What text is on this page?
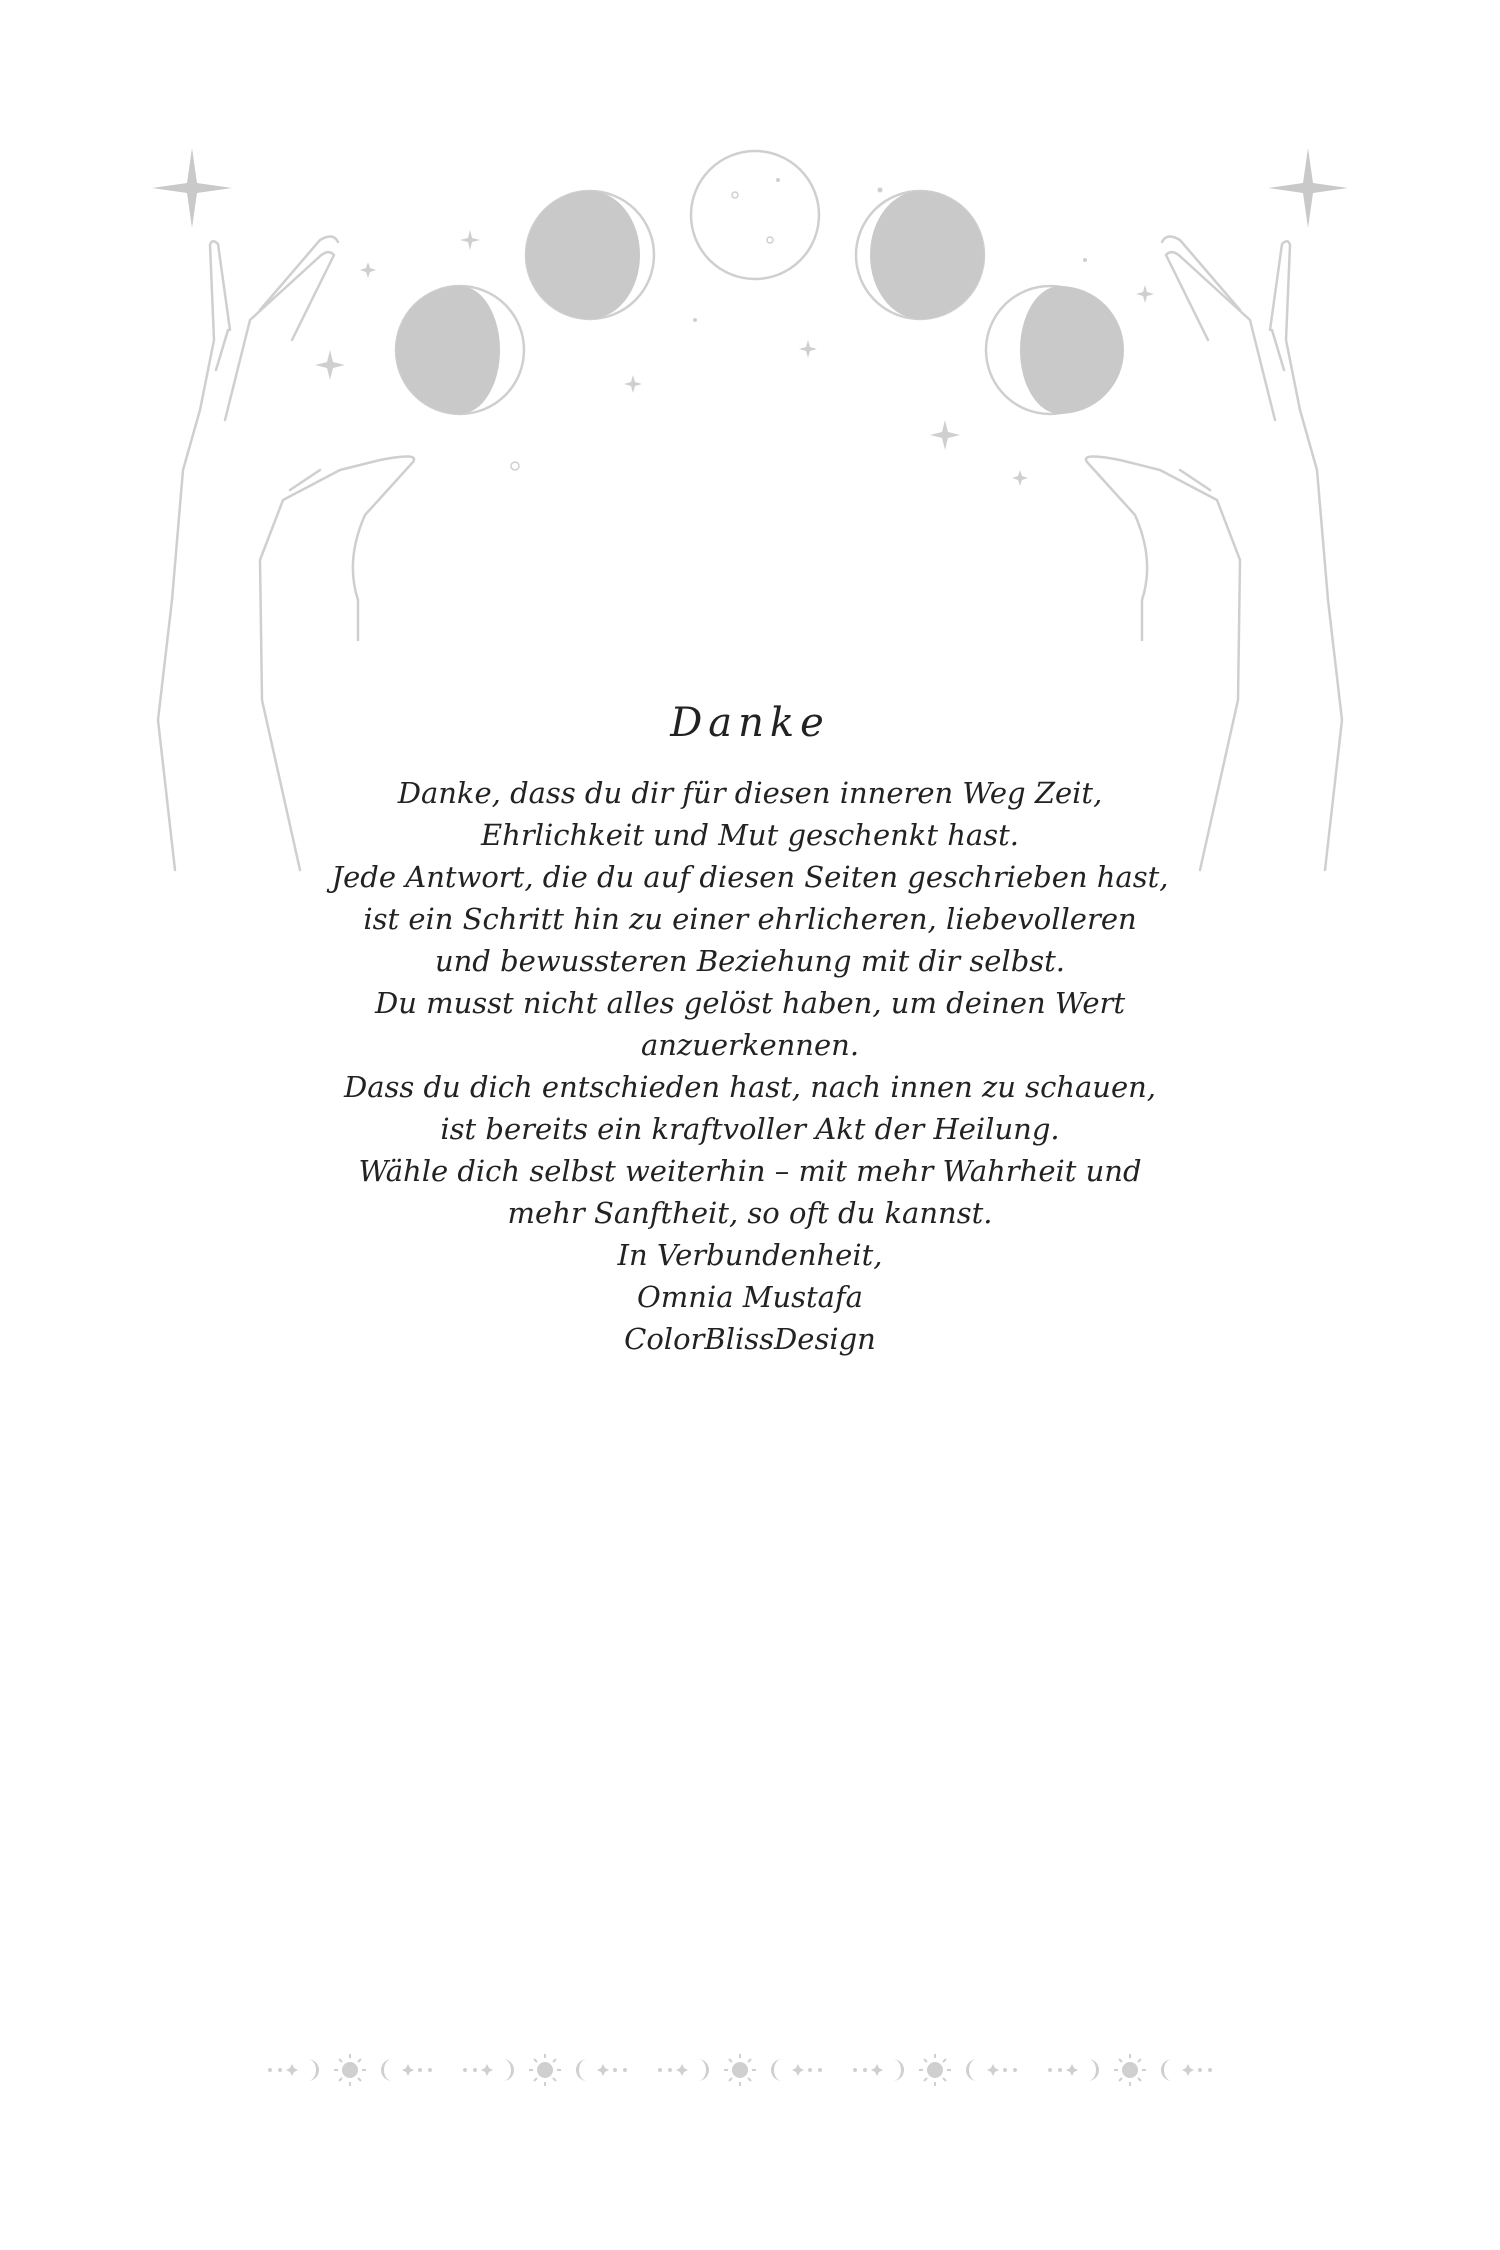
Danke
Danke, dass du dir für diesen inneren Weg Zeit,
Ehrlichkeit und Mut geschenkt hast.
Jede Antwort, die du auf diesen Seiten geschrieben hast,
ist ein Schritt hin zu einer ehrlicheren, liebevolleren
und bewussteren Beziehung mit dir selbst.
Du musst nicht alles gelöst haben, um deinen Wert
anzuerkennen.
Dass du dich entschieden hast, nach innen zu schauen,
ist bereits ein kraftvoller Akt der Heilung.
Wähle dich selbst weiterhin – mit mehr Wahrheit und
mehr Sanftheit, so oft du kannst.
In Verbundenheit,
Omnia Mustafa
ColorBlissDesign
